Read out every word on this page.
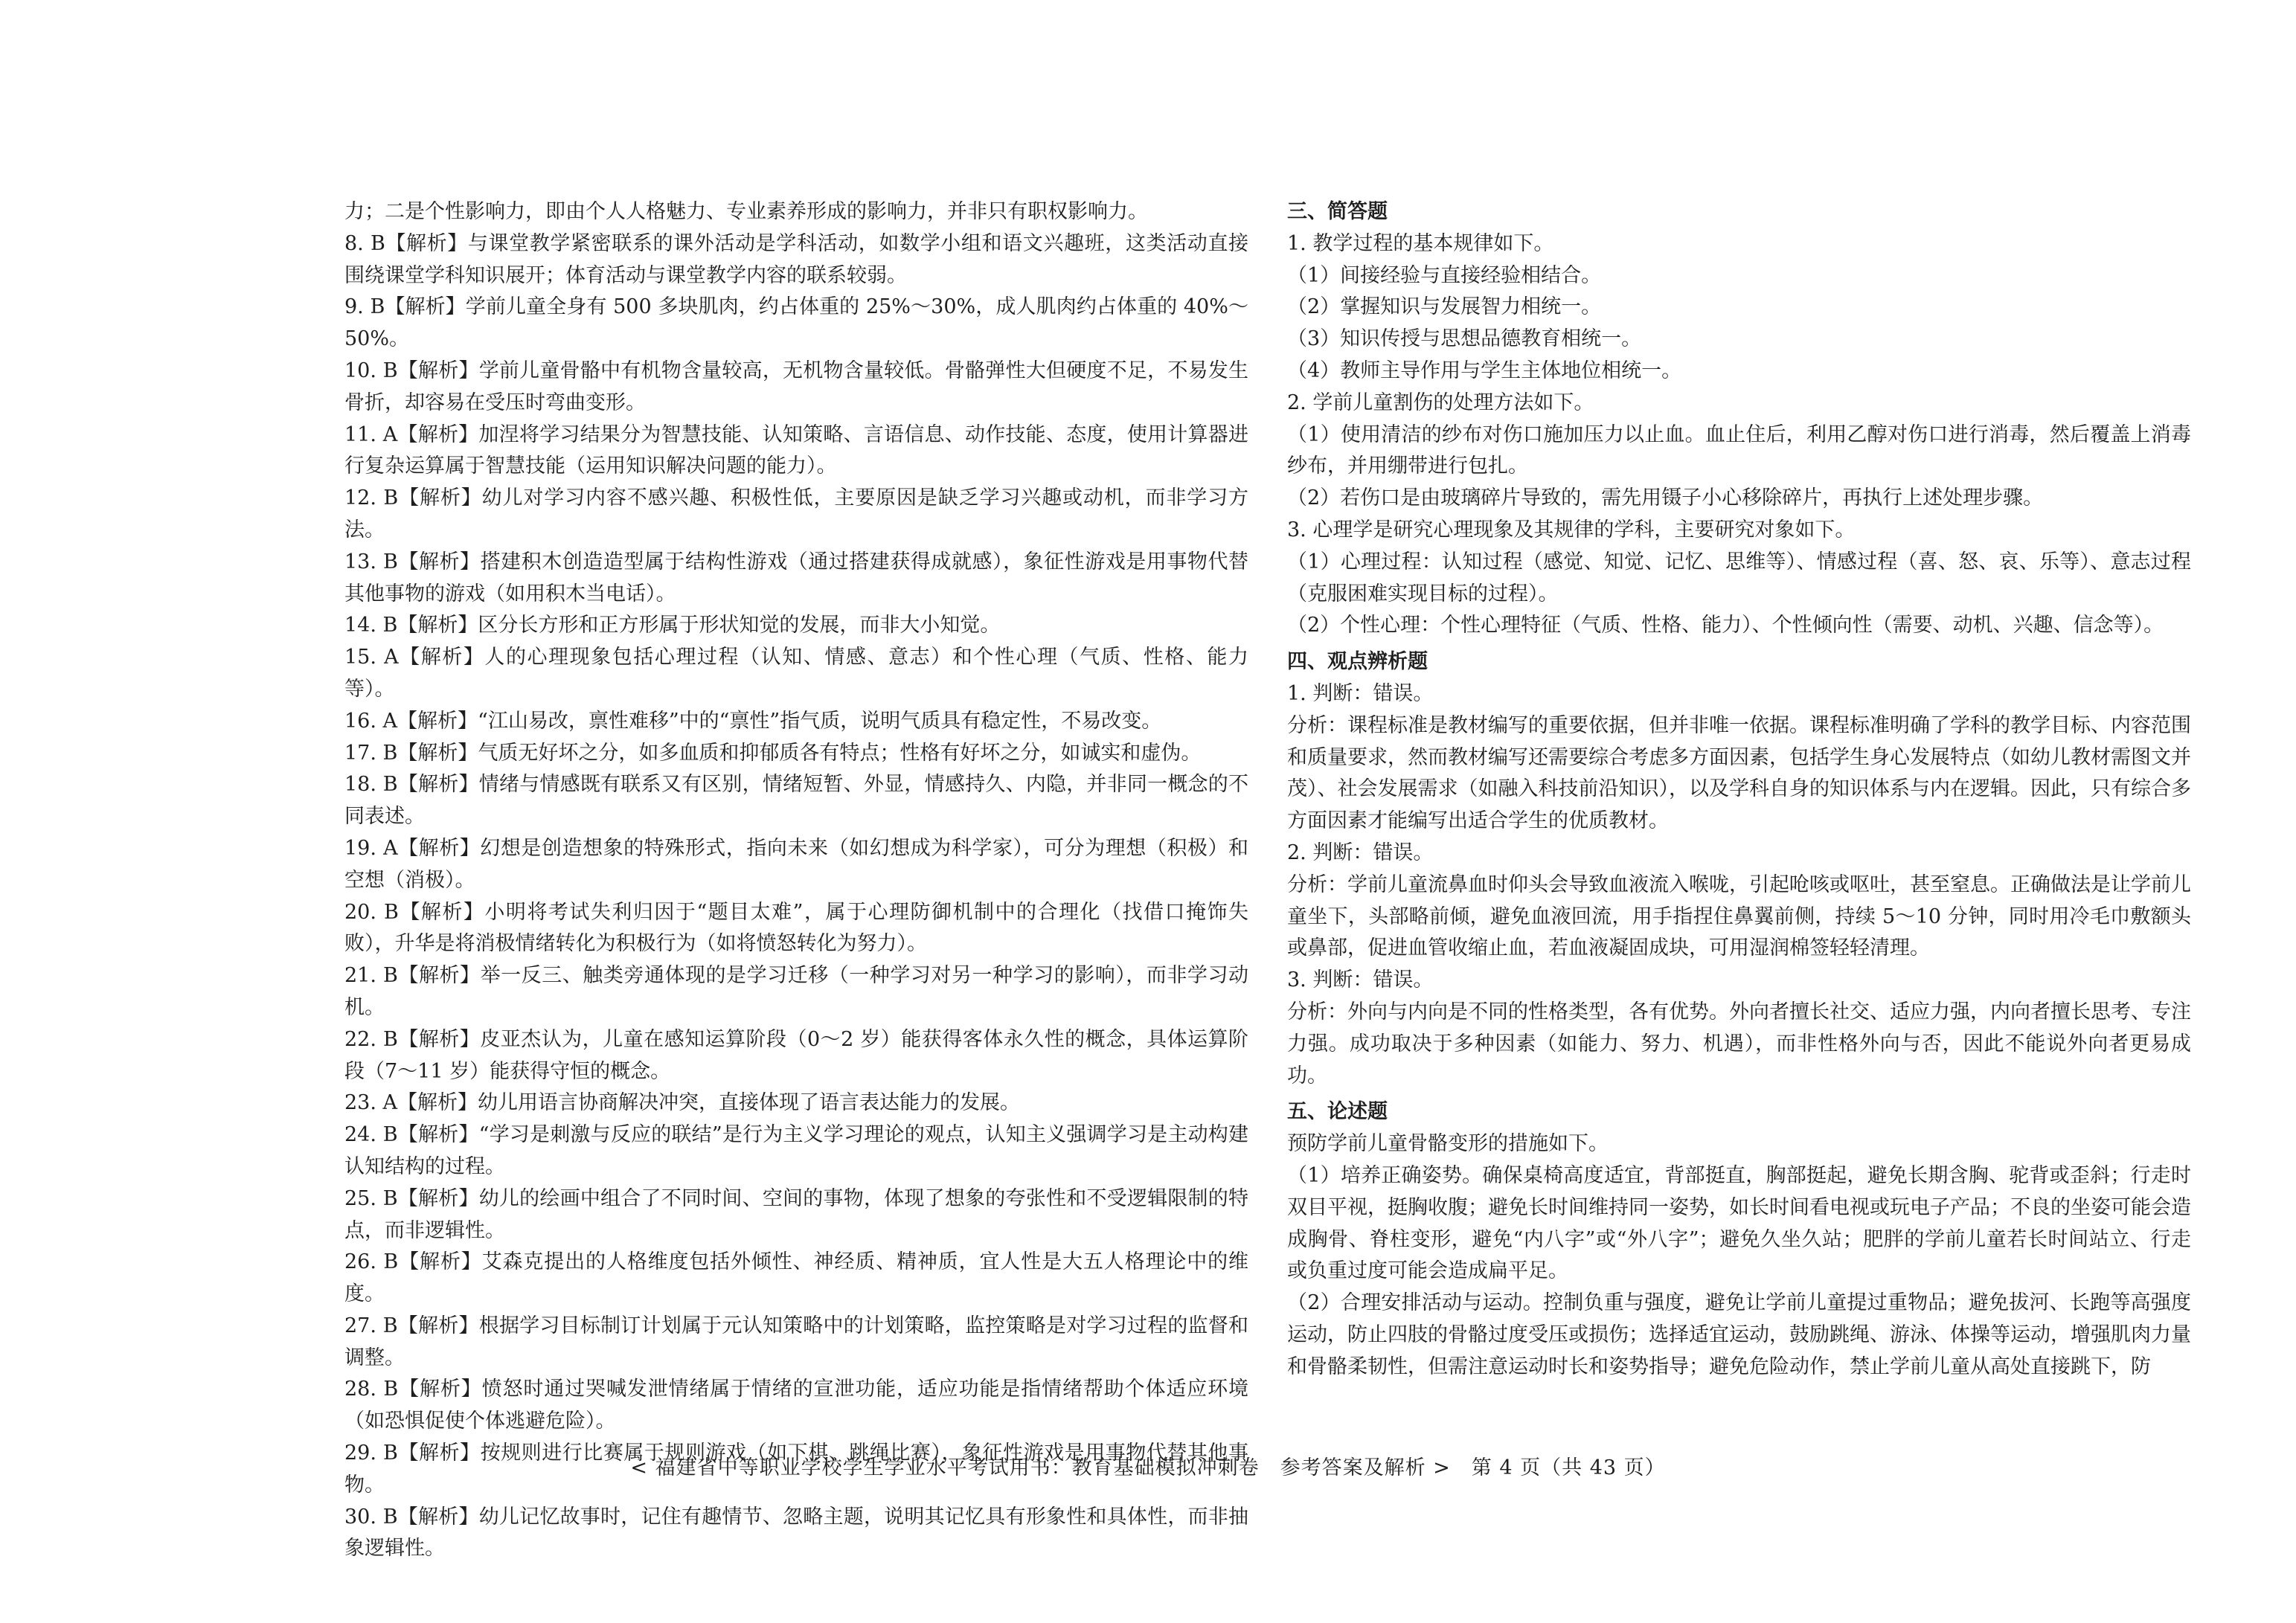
力；二是个性影响力，即由个人人格魅力、专业素养形成的影响力，并非只有职权影响力。

8. B【解析】与课堂教学紧密联系的课外活动是学科活动，如数学小组和语文兴趣班，这类活动直接围绕课堂学科知识展开；体育活动与课堂教学内容的联系较弱。

9. B【解析】学前儿童全身有 500 多块肌肉，约占体重的 25%～30%，成人肌肉约占体重的 40%～50%。

10. B【解析】学前儿童骨骼中有机物含量较高，无机物含量较低。骨骼弹性大但硬度不足，不易发生骨折，却容易在受压时弯曲变形。

11. A【解析】加涅将学习结果分为智慧技能、认知策略、言语信息、动作技能、态度，使用计算器进行复杂运算属于智慧技能（运用知识解决问题的能力）。

12. B【解析】幼儿对学习内容不感兴趣、积极性低，主要原因是缺乏学习兴趣或动机，而非学习方法。

13. B【解析】搭建积木创造造型属于结构性游戏（通过搭建获得成就感），象征性游戏是用事物代替其他事物的游戏（如用积木当电话）。

14. B【解析】区分长方形和正方形属于形状知觉的发展，而非大小知觉。

15. A【解析】人的心理现象包括心理过程（认知、情感、意志）和个性心理（气质、性格、能力等）。

16. A【解析】“江山易改，禀性难移”中的“禀性”指气质，说明气质具有稳定性，不易改变。

17. B【解析】气质无好坏之分，如多血质和抑郁质各有特点；性格有好坏之分，如诚实和虚伪。

18. B【解析】情绪与情感既有联系又有区别，情绪短暂、外显，情感持久、内隐，并非同一概念的不同表述。

19. A【解析】幻想是创造想象的特殊形式，指向未来（如幻想成为科学家），可分为理想（积极）和空想（消极）。

20. B【解析】小明将考试失利归因于“题目太难”，属于心理防御机制中的合理化（找借口掩饰失败），升华是将消极情绪转化为积极行为（如将愤怒转化为努力）。

21. B【解析】举一反三、触类旁通体现的是学习迁移（一种学习对另一种学习的影响），而非学习动机。

22. B【解析】皮亚杰认为，儿童在感知运算阶段（0～2 岁）能获得客体永久性的概念，具体运算阶段（7～11 岁）能获得守恒的概念。

23. A【解析】幼儿用语言协商解决冲突，直接体现了语言表达能力的发展。

24. B【解析】“学习是刺激与反应的联结”是行为主义学习理论的观点，认知主义强调学习是主动构建认知结构的过程。

25. B【解析】幼儿的绘画中组合了不同时间、空间的事物，体现了想象的夸张性和不受逻辑限制的特点，而非逻辑性。

26. B【解析】艾森克提出的人格维度包括外倾性、神经质、精神质，宜人性是大五人格理论中的维度。

27. B【解析】根据学习目标制订计划属于元认知策略中的计划策略，监控策略是对学习过程的监督和调整。

28. B【解析】愤怒时通过哭喊发泄情绪属于情绪的宣泄功能，适应功能是指情绪帮助个体适应环境（如恐惧促使个体逃避危险）。

29. B【解析】按规则进行比赛属于规则游戏（如下棋、跳绳比赛），象征性游戏是用事物代替其他事物。

30. B【解析】幼儿记忆故事时，记住有趣情节、忽略主题，说明其记忆具有形象性和具体性，而非抽象逻辑性。

三、简答题

1. 教学过程的基本规律如下。

（1）间接经验与直接经验相结合。

（2）掌握知识与发展智力相统一。

（3）知识传授与思想品德教育相统一。

（4）教师主导作用与学生主体地位相统一。

2. 学前儿童割伤的处理方法如下。

（1）使用清洁的纱布对伤口施加压力以止血。血止住后，利用乙醇对伤口进行消毒，然后覆盖上消毒纱布，并用绷带进行包扎。

（2）若伤口是由玻璃碎片导致的，需先用镊子小心移除碎片，再执行上述处理步骤。

3. 心理学是研究心理现象及其规律的学科，主要研究对象如下。

（1）心理过程：认知过程（感觉、知觉、记忆、思维等）、情感过程（喜、怒、哀、乐等）、意志过程（克服困难实现目标的过程）。

（2）个性心理：个性心理特征（气质、性格、能力）、个性倾向性（需要、动机、兴趣、信念等）。

四、观点辨析题

1. 判断：错误。

分析：课程标准是教材编写的重要依据，但并非唯一依据。课程标准明确了学科的教学目标、内容范围和质量要求，然而教材编写还需要综合考虑多方面因素，包括学生身心发展特点（如幼儿教材需图文并茂）、社会发展需求（如融入科技前沿知识），以及学科自身的知识体系与内在逻辑。因此，只有综合多方面因素才能编写出适合学生的优质教材。

2. 判断：错误。

分析：学前儿童流鼻血时仰头会导致血液流入喉咙，引起呛咳或呕吐，甚至窒息。正确做法是让学前儿童坐下，头部略前倾，避免血液回流，用手指捏住鼻翼前侧，持续 5～10 分钟，同时用冷毛巾敷额头或鼻部，促进血管收缩止血，若血液凝固成块，可用湿润棉签轻轻清理。

3. 判断：错误。

分析：外向与内向是不同的性格类型，各有优势。外向者擅长社交、适应力强，内向者擅长思考、专注力强。成功取决于多种因素（如能力、努力、机遇），而非性格外向与否，因此不能说外向者更易成功。

五、论述题

预防学前儿童骨骼变形的措施如下。

（1）培养正确姿势。确保桌椅高度适宜，背部挺直，胸部挺起，避免长期含胸、驼背或歪斜；行走时双目平视，挺胸收腹；避免长时间维持同一姿势，如长时间看电视或玩电子产品；不良的坐姿可能会造成胸骨、脊柱变形，避免“内八字”或“外八字”；避免久坐久站；肥胖的学前儿童若长时间站立、行走或负重过度可能会造成扁平足。

（2）合理安排活动与运动。控制负重与强度，避免让学前儿童提过重物品；避免拔河、长跑等高强度运动，防止四肢的骨骼过度受压或损伤；选择适宜运动，鼓励跳绳、游泳、体操等运动，增强肌肉力量和骨骼柔韧性，但需注意运动时长和姿势指导；避免危险动作，禁止学前儿童从高处直接跳下，防

< 福建省中等职业学校学生学业水平考试用书：教育基础模拟冲刺卷　参考答案及解析 >　第 4 页（共 43 页）
